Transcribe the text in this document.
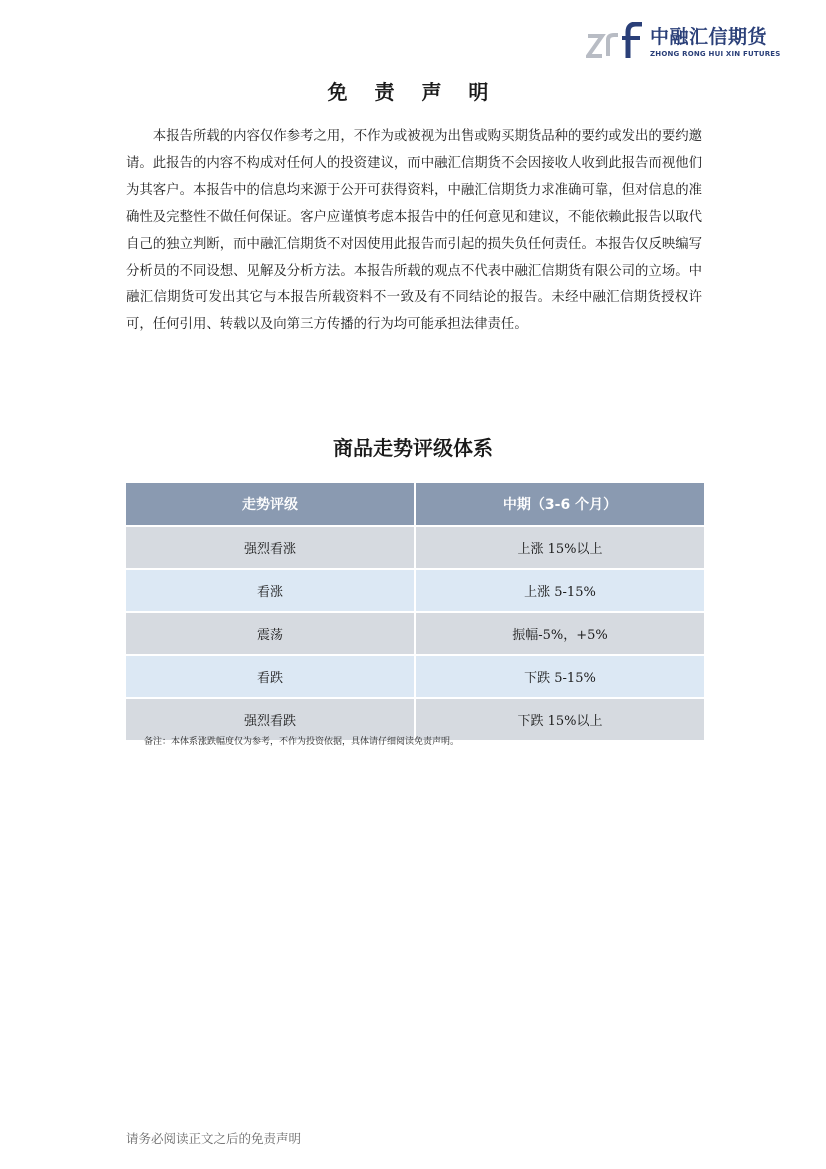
中融汇信期货
ZHONG RONG HUI XIN FUTURES
免 责 声 明

本报告所载的内容仅作参考之用，不作为或被视为出售或购买期货品种的要约或发出的要约邀请。此报告的内容不构成对任何人的投资建议，而中融汇信期货不会因接收人收到此报告而视他们为其客户。本报告中的信息均来源于公开可获得资料，中融汇信期货力求准确可靠，但对信息的准确性及完整性不做任何保证。客户应谨慎考虑本报告中的任何意见和建议，不能依赖此报告以取代自己的独立判断，而中融汇信期货不对因使用此报告而引起的损失负任何责任。本报告仅反映编写分析员的不同设想、见解及分析方法。本报告所载的观点不代表中融汇信期货有限公司的立场。中融汇信期货可发出其它与本报告所载资料不一致及有不同结论的报告。未经中融汇信期货授权许可，任何引用、转载以及向第三方传播的行为均可能承担法律责任。

商品走势评级体系
走势评级	中期（3-6 个月）
强烈看涨	上涨 15%以上
看涨	上涨 5-15%
震荡	振幅-5%，+5%
看跌	下跌 5-15%
强烈看跌	下跌 15%以上
备注：本体系涨跌幅度仅为参考，不作为投资依据，具体请仔细阅读免责声明。
请务必阅读正文之后的免责声明
